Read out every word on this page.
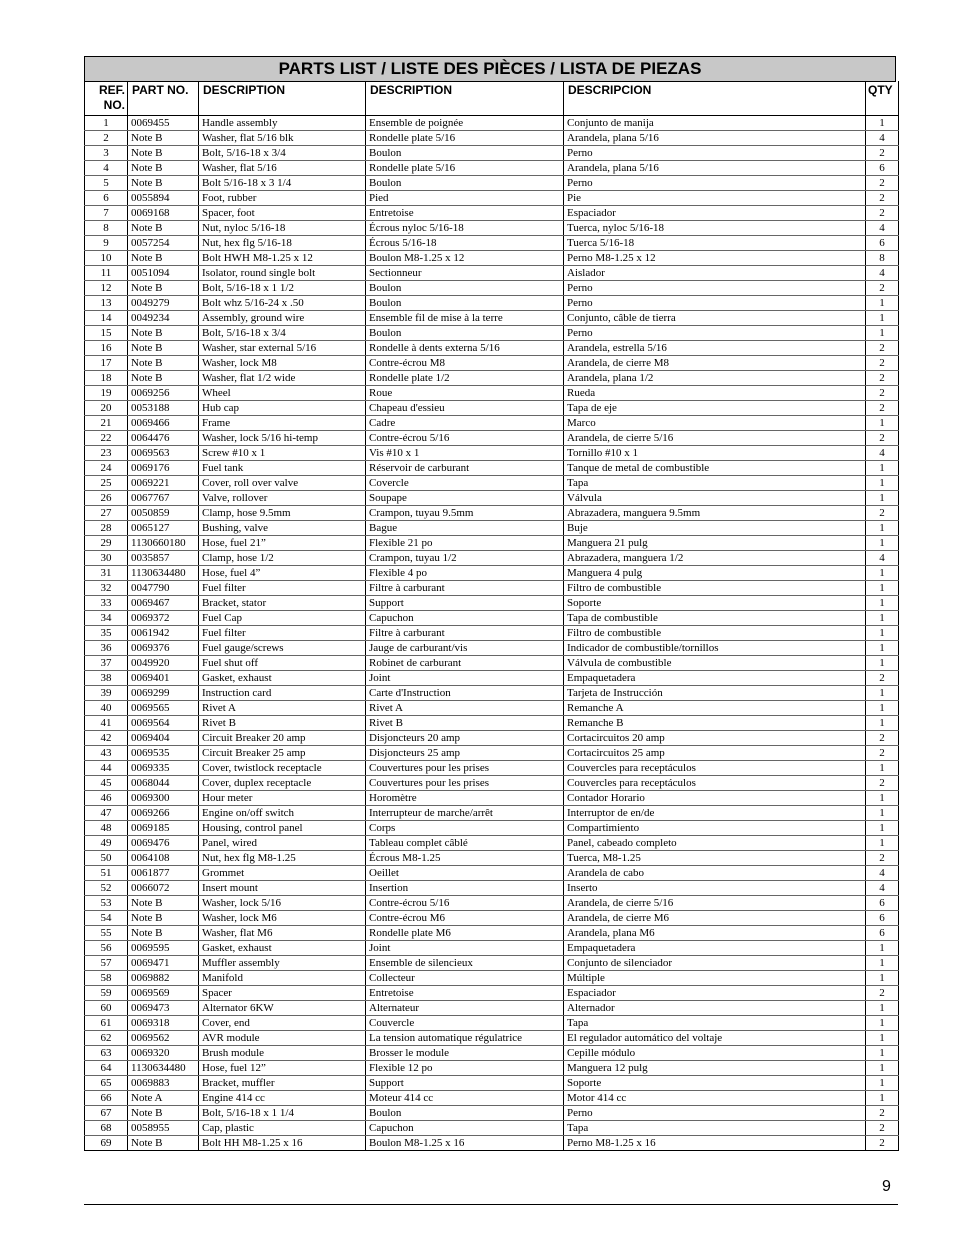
PARTS LIST / LISTE DES PIÈCES / LISTA DE PIEZAS
REF. NO.	PART NO.	DESCRIPTION	DESCRIPTION	DESCRIPCION	QTY
1	0069455	Handle assembly	Ensemble de poignée	Conjunto de manija	1
2	Note B	Washer, flat 5/16 blk	Rondelle plate 5/16	Arandela, plana 5/16	4
3	Note B	Bolt, 5/16-18 x 3/4	Boulon	Perno	2
4	Note B	Washer, flat 5/16	Rondelle plate 5/16	Arandela, plana 5/16	6
5	Note B	Bolt 5/16-18 x 3 1/4	Boulon	Perno	2
6	0055894	Foot, rubber	Pied	Pie	2
7	0069168	Spacer, foot	Entretoise	Espaciador	2
8	Note B	Nut, nyloc 5/16-18	Écrous nyloc 5/16-18	Tuerca, nyloc 5/16-18	4
9	0057254	Nut, hex flg 5/16-18	Écrous 5/16-18	Tuerca 5/16-18	6
10	Note B	Bolt HWH M8-1.25 x 12	Boulon M8-1.25 x 12	Perno M8-1.25 x 12	8
11	0051094	Isolator, round single bolt	Sectionneur	Aislador	4
12	Note B	Bolt, 5/16-18 x 1 1/2	Boulon	Perno	2
13	0049279	Bolt whz 5/16-24 x .50	Boulon	Perno	1
14	0049234	Assembly, ground wire	Ensemble fil de mise à la terre	Conjunto, câble de tierra	1
15	Note B	Bolt, 5/16-18 x 3/4	Boulon	Perno	1
16	Note B	Washer, star external 5/16	Rondelle à dents externa 5/16	Arandela, estrella 5/16	2
17	Note B	Washer, lock M8	Contre-écrou M8	Arandela, de cierre M8	2
18	Note B	Washer, flat 1/2 wide	Rondelle plate 1/2	Arandela, plana 1/2	2
19	0069256	Wheel	Roue	Rueda	2
20	0053188	Hub cap	Chapeau d'essieu	Tapa de eje	2
21	0069466	Frame	Cadre	Marco	1
22	0064476	Washer, lock 5/16 hi-temp	Contre-écrou 5/16	Arandela, de cierre 5/16	2
23	0069563	Screw #10 x 1	Vis #10 x 1	Tornillo #10 x 1	4
24	0069176	Fuel tank	Réservoir de carburant	Tanque de metal de combustible	1
25	0069221	Cover, roll over valve	Covercle	Tapa	1
26	0067767	Valve, rollover	Soupape	Válvula	1
27	0050859	Clamp, hose 9.5mm	Crampon, tuyau 9.5mm	Abrazadera, manguera 9.5mm	2
28	0065127	Bushing, valve	Bague	Buje	1
29	1130660180	Hose, fuel 21”	Flexible 21 po	Manguera 21 pulg	1
30	0035857	Clamp, hose 1/2	Crampon, tuyau 1/2	Abrazadera, manguera 1/2	4
31	1130634480	Hose, fuel 4”	Flexible 4 po	Manguera 4 pulg	1
32	0047790	Fuel filter	Filtre à carburant	Filtro de combustible	1
33	0069467	Bracket, stator	Support	Soporte	1
34	0069372	Fuel Cap	Capuchon	Tapa de combustible	1
35	0061942	Fuel filter	Filtre à carburant	Filtro de combustible	1
36	0069376	Fuel gauge/screws	Jauge de carburant/vis	Indicador de combustible/tornillos	1
37	0049920	Fuel shut off	Robinet de carburant	Válvula de combustible	1
38	0069401	Gasket, exhaust	Joint	Empaquetadera	2
39	0069299	Instruction card	Carte d'Instruction	Tarjeta de Instrucción	1
40	0069565	Rivet A	Rivet A	Remanche A	1
41	0069564	Rivet B	Rivet B	Remanche B	1
42	0069404	Circuit Breaker 20 amp	Disjoncteurs 20 amp	Cortacircuitos 20 amp	2
43	0069535	Circuit Breaker 25 amp	Disjoncteurs 25 amp	Cortacircuitos 25 amp	2
44	0069335	Cover, twistlock receptacle	Couvertures pour les prises	Couvercles para receptáculos	1
45	0068044	Cover, duplex receptacle	Couvertures pour les prises	Couvercles para receptáculos	2
46	0069300	Hour meter	Horomètre	Contador Horario	1
47	0069266	Engine on/off switch	Interrupteur de marche/arrêt	Interruptor de en/de	1
48	0069185	Housing, control panel	Corps	Compartimiento	1
49	0069476	Panel, wired	Tableau complet câblé	Panel, cabeado completo	1
50	0064108	Nut, hex flg M8-1.25	Écrous M8-1.25	Tuerca, M8-1.25	2
51	0061877	Grommet	Oeillet	Arandela de cabo	4
52	0066072	Insert mount	Insertion	Inserto	4
53	Note B	Washer, lock 5/16	Contre-écrou 5/16	Arandela, de cierre 5/16	6
54	Note B	Washer, lock M6	Contre-écrou M6	Arandela, de cierre M6	6
55	Note B	Washer, flat M6	Rondelle plate M6	Arandela, plana M6	6
56	0069595	Gasket, exhaust	Joint	Empaquetadera	1
57	0069471	Muffler assembly	Ensemble de silencieux	Conjunto de silenciador	1
58	0069882	Manifold	Collecteur	Múltiple	1
59	0069569	Spacer	Entretoise	Espaciador	2
60	0069473	Alternator 6KW	Alternateur	Alternador	1
61	0069318	Cover, end	Couvercle	Tapa	1
62	0069562	AVR module	La tension automatique régulatrice	El regulador automático del voltaje	1
63	0069320	Brush module	Brosser le module	Cepille módulo	1
64	1130634480	Hose, fuel 12”	Flexible 12 po	Manguera 12 pulg	1
65	0069883	Bracket, muffler	Support	Soporte	1
66	Note A	Engine 414 cc	Moteur 414 cc	Motor 414 cc	1
67	Note B	Bolt, 5/16-18 x 1 1/4	Boulon	Perno	2
68	0058955	Cap, plastic	Capuchon	Tapa	2
69	Note B	Bolt HH M8-1.25 x 16	Boulon M8-1.25 x 16	Perno M8-1.25 x 16	2
9
